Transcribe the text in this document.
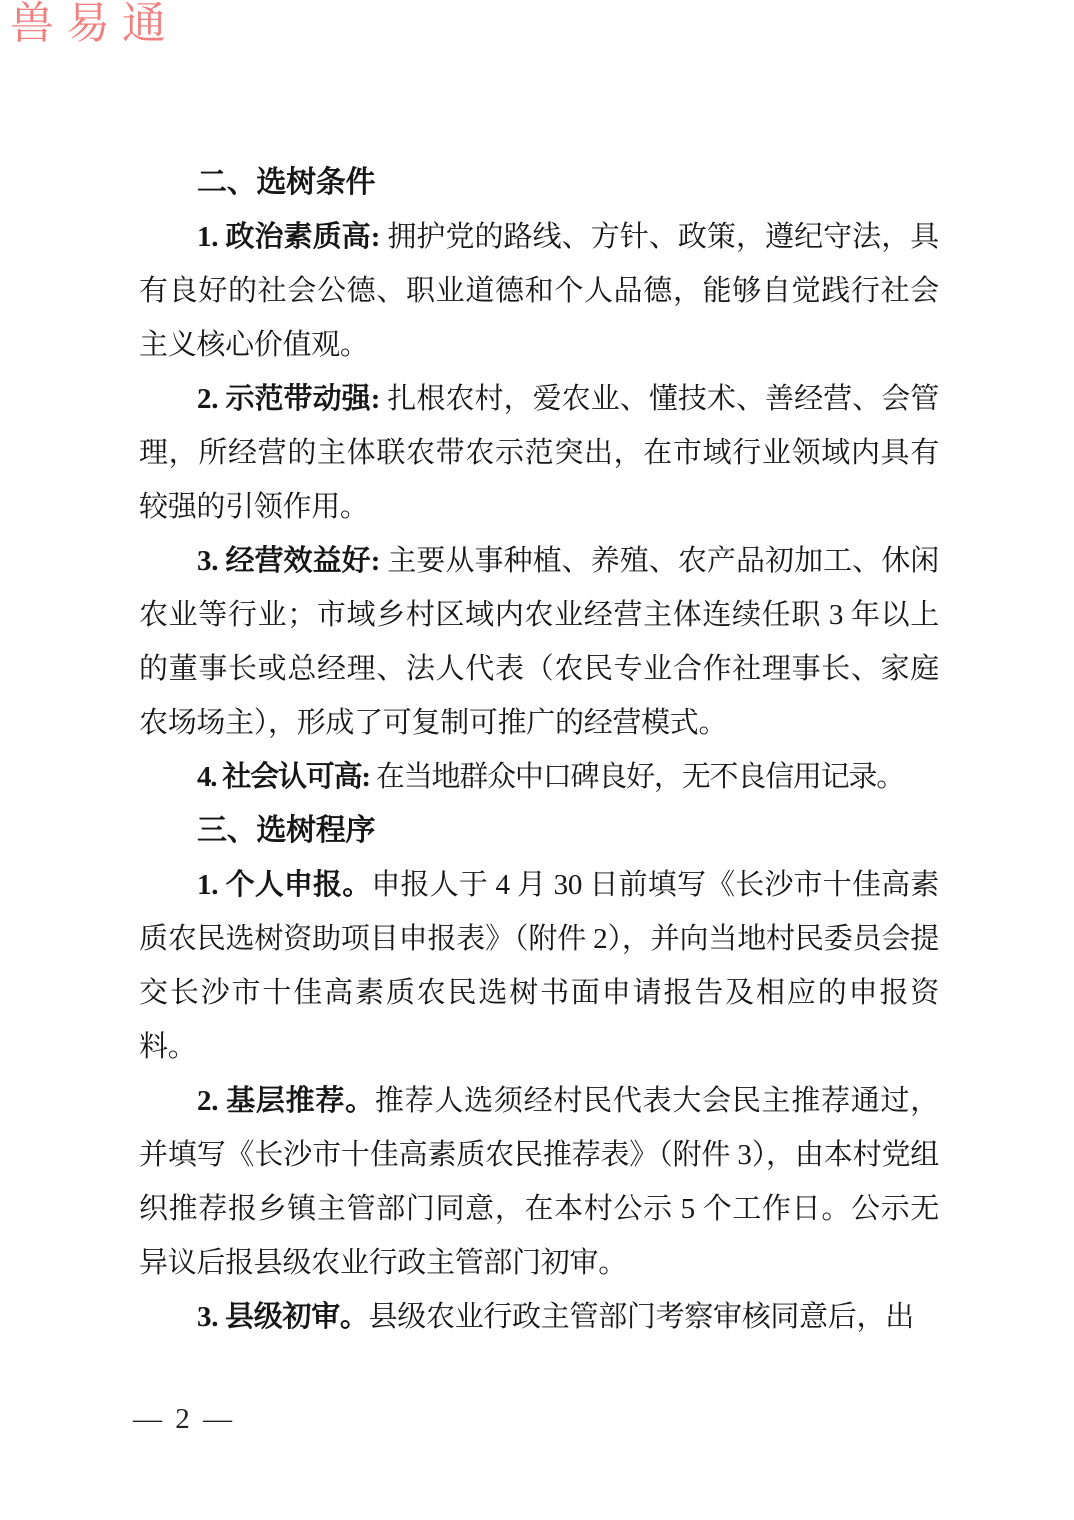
兽易通

二、选树条件

1. 政治素质高: 拥护党的路线、方针、政策，遵纪守法，具有良好的社会公德、职业道德和个人品德，能够自觉践行社会主义核心价值观。

2. 示范带动强: 扎根农村，爱农业、懂技术、善经营、会管理，所经营的主体联农带农示范突出，在市域行业领域内具有较强的引领作用。

3. 经营效益好: 主要从事种植、养殖、农产品初加工、休闲农业等行业；市域乡村区域内农业经营主体连续任职 3 年以上的董事长或总经理、法人代表（农民专业合作社理事长、家庭农场场主），形成了可复制可推广的经营模式。

4. 社会认可高: 在当地群众中口碑良好，无不良信用记录。

三、选树程序

1. 个人申报。申报人于 4 月 30 日前填写《长沙市十佳高素质农民选树资助项目申报表》（附件 2），并向当地村民委员会提交长沙市十佳高素质农民选树书面申请报告及相应的申报资料。

2. 基层推荐。推荐人选须经村民代表大会民主推荐通过，并填写《长沙市十佳高素质农民推荐表》（附件 3），由本村党组织推荐报乡镇主管部门同意，在本村公示 5 个工作日。公示无异议后报县级农业行政主管部门初审。

3. 县级初审。县级农业行政主管部门考察审核同意后，出

— 2 —
